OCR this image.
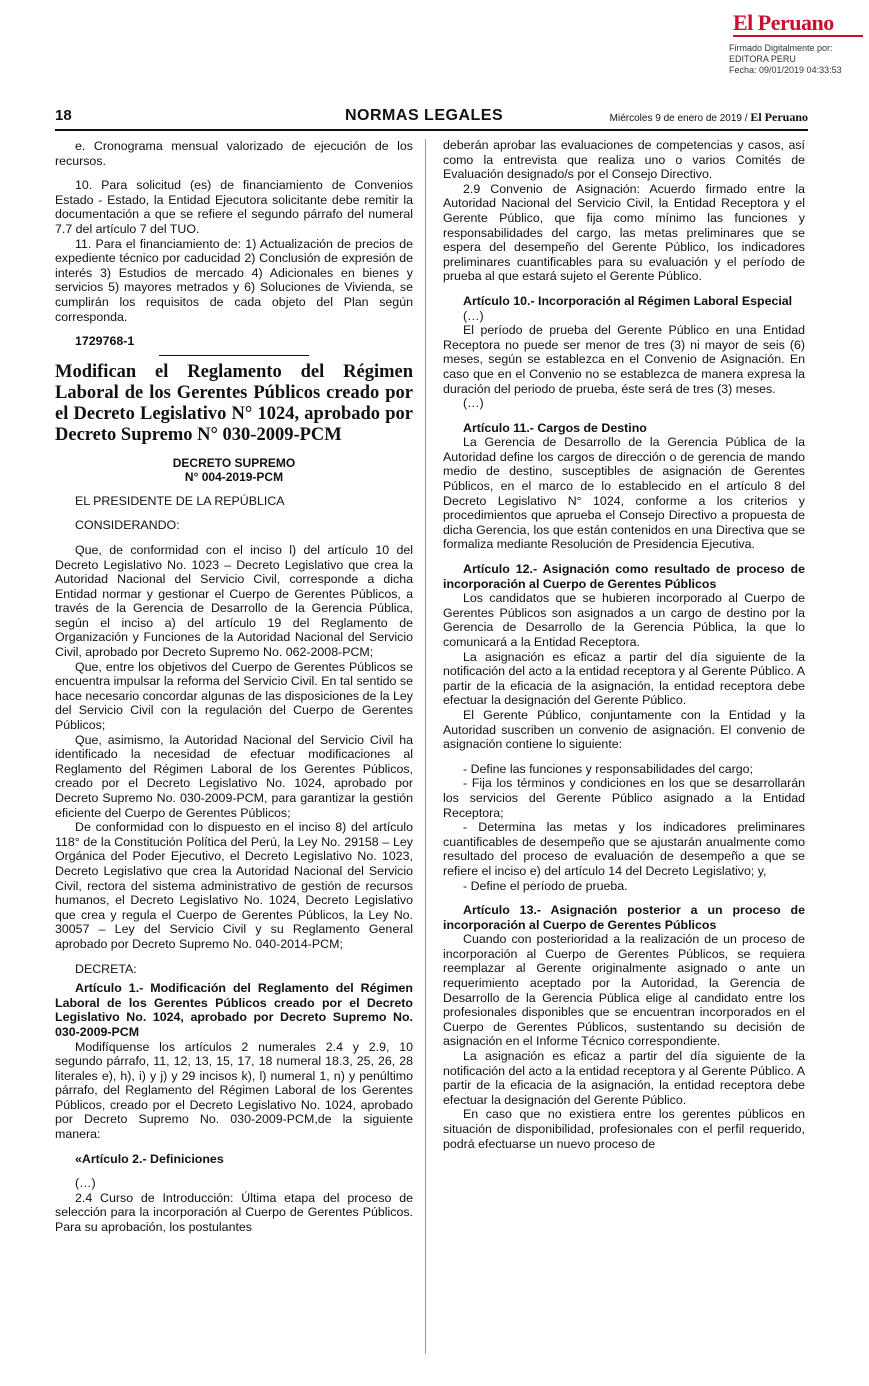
El Peruano
Firmado Digitalmente por:
EDITORA PERU
Fecha: 09/01/2019 04:33:53
18	NORMAS LEGALES	Miércoles 9 de enero de 2019 / El Peruano

e. Cronograma mensual valorizado de ejecución de los recursos.

10. Para solicitud (es) de financiamiento de Convenios Estado - Estado, la Entidad Ejecutora solicitante debe remitir la documentación a que se refiere el segundo párrafo del numeral 7.7 del artículo 7 del TUO.

11. Para el financiamiento de: 1) Actualización de precios de expediente técnico por caducidad 2) Conclusión de expresión de interés 3) Estudios de mercado 4) Adicionales en bienes y servicios 5) mayores metrados y 6) Soluciones de Vivienda, se cumplirán los requisitos de cada objeto del Plan según corresponda.

1729768-1
Modifican el Reglamento del Régimen Laboral de los Gerentes Públicos creado por el Decreto Legislativo N° 1024, aprobado por Decreto Supremo N° 030-2009-PCM
DECRETO SUPREMO
N° 004-2019-PCM

EL PRESIDENTE DE LA REPÚBLICA

CONSIDERANDO:

Que, de conformidad con el inciso l) del artículo 10 del Decreto Legislativo No. 1023 – Decreto Legislativo que crea la Autoridad Nacional del Servicio Civil, corresponde a dicha Entidad normar y gestionar el Cuerpo de Gerentes Públicos, a través de la Gerencia de Desarrollo de la Gerencia Pública, según el inciso a) del artículo 19 del Reglamento de Organización y Funciones de la Autoridad Nacional del Servicio Civil, aprobado por Decreto Supremo No. 062-2008-PCM;

Que, entre los objetivos del Cuerpo de Gerentes Públicos se encuentra impulsar la reforma del Servicio Civil. En tal sentido se hace necesario concordar algunas de las disposiciones de la Ley del Servicio Civil con la regulación del Cuerpo de Gerentes Públicos;

Que, asimismo, la Autoridad Nacional del Servicio Civil ha identificado la necesidad de efectuar modificaciones al Reglamento del Régimen Laboral de los Gerentes Públicos, creado por el Decreto Legislativo No. 1024, aprobado por Decreto Supremo No. 030-2009-PCM, para garantizar la gestión eficiente del Cuerpo de Gerentes Públicos;

De conformidad con lo dispuesto en el inciso 8) del artículo 118° de la Constitución Política del Perú, la Ley No. 29158 – Ley Orgánica del Poder Ejecutivo, el Decreto Legislativo No. 1023, Decreto Legislativo que crea la Autoridad Nacional del Servicio Civil, rectora del sistema administrativo de gestión de recursos humanos, el Decreto Legislativo No. 1024, Decreto Legislativo que crea y regula el Cuerpo de Gerentes Públicos, la Ley No. 30057 – Ley del Servicio Civil y su Reglamento General aprobado por Decreto Supremo No. 040-2014-PCM;

DECRETA:

Artículo 1.- Modificación del Reglamento del Régimen Laboral de los Gerentes Públicos creado por el Decreto Legislativo No. 1024, aprobado por Decreto Supremo No. 030-2009-PCM

Modifíquense los artículos 2 numerales 2.4 y 2.9, 10 segundo párrafo, 11, 12, 13, 15, 17, 18 numeral 18.3, 25, 26, 28 literales e), h), i) y j) y 29 incisos k), l) numeral 1, n) y penúltimo párrafo, del Reglamento del Régimen Laboral de los Gerentes Públicos, creado por el Decreto Legislativo No. 1024, aprobado por Decreto Supremo No. 030-2009-PCM,de la siguiente manera:

«Artículo 2.- Definiciones

(…)

2.4 Curso de Introducción: Última etapa del proceso de selección para la incorporación al Cuerpo de Gerentes Públicos. Para su aprobación, los postulantes

deberán aprobar las evaluaciones de competencias y casos, así como la entrevista que realiza uno o varios Comités de Evaluación designado/s por el Consejo Directivo.

2.9 Convenio de Asignación: Acuerdo firmado entre la Autoridad Nacional del Servicio Civil, la Entidad Receptora y el Gerente Público, que fija como mínimo las funciones y responsabilidades del cargo, las metas preliminares que se espera del desempeño del Gerente Público, los indicadores preliminares cuantificables para su evaluación y el período de prueba al que estará sujeto el Gerente Público.

Artículo 10.- Incorporación al Régimen Laboral Especial

(…)

El período de prueba del Gerente Público en una Entidad Receptora no puede ser menor de tres (3) ni mayor de seis (6) meses, según se establezca en el Convenio de Asignación. En caso que en el Convenio no se establezca de manera expresa la duración del periodo de prueba, éste será de tres (3) meses.

(…)

Artículo 11.- Cargos de Destino

La Gerencia de Desarrollo de la Gerencia Pública de la Autoridad define los cargos de dirección o de gerencia de mando medio de destino, susceptibles de asignación de Gerentes Públicos, en el marco de lo establecido en el artículo 8 del Decreto Legislativo N° 1024, conforme a los criterios y procedimientos que aprueba el Consejo Directivo a propuesta de dicha Gerencia, los que están contenidos en una Directiva que se formaliza mediante Resolución de Presidencia Ejecutiva.

Artículo 12.- Asignación como resultado de proceso de incorporación al Cuerpo de Gerentes Públicos

Los candidatos que se hubieren incorporado al Cuerpo de Gerentes Públicos son asignados a un cargo de destino por la Gerencia de Desarrollo de la Gerencia Pública, la que lo comunicará a la Entidad Receptora.

La asignación es eficaz a partir del día siguiente de la notificación del acto a la entidad receptora y al Gerente Público. A partir de la eficacia de la asignación, la entidad receptora debe efectuar la designación del Gerente Público.

El Gerente Público, conjuntamente con la Entidad y la Autoridad suscriben un convenio de asignación. El convenio de asignación contiene lo siguiente:

- Define las funciones y responsabilidades del cargo;

- Fija los términos y condiciones en los que se desarrollarán los servicios del Gerente Público asignado a la Entidad Receptora;

- Determina las metas y los indicadores preliminares cuantificables de desempeño que se ajustarán anualmente como resultado del proceso de evaluación de desempeño a que se refiere el inciso e) del artículo 14 del Decreto Legislativo; y,

- Define el período de prueba.

Artículo 13.- Asignación posterior a un proceso de incorporación al Cuerpo de Gerentes Públicos

Cuando con posterioridad a la realización de un proceso de incorporación al Cuerpo de Gerentes Públicos, se requiera reemplazar al Gerente originalmente asignado o ante un requerimiento aceptado por la Autoridad, la Gerencia de Desarrollo de la Gerencia Pública elige al candidato entre los profesionales disponibles que se encuentran incorporados en el Cuerpo de Gerentes Públicos, sustentando su decisión de asignación en el Informe Técnico correspondiente.

La asignación es eficaz a partir del día siguiente de la notificación del acto a la entidad receptora y al Gerente Público. A partir de la eficacia de la asignación, la entidad receptora debe efectuar la designación del Gerente Público.

En caso que no existiera entre los gerentes públicos en situación de disponibilidad, profesionales con el perfil requerido, podrá efectuarse un nuevo proceso de
